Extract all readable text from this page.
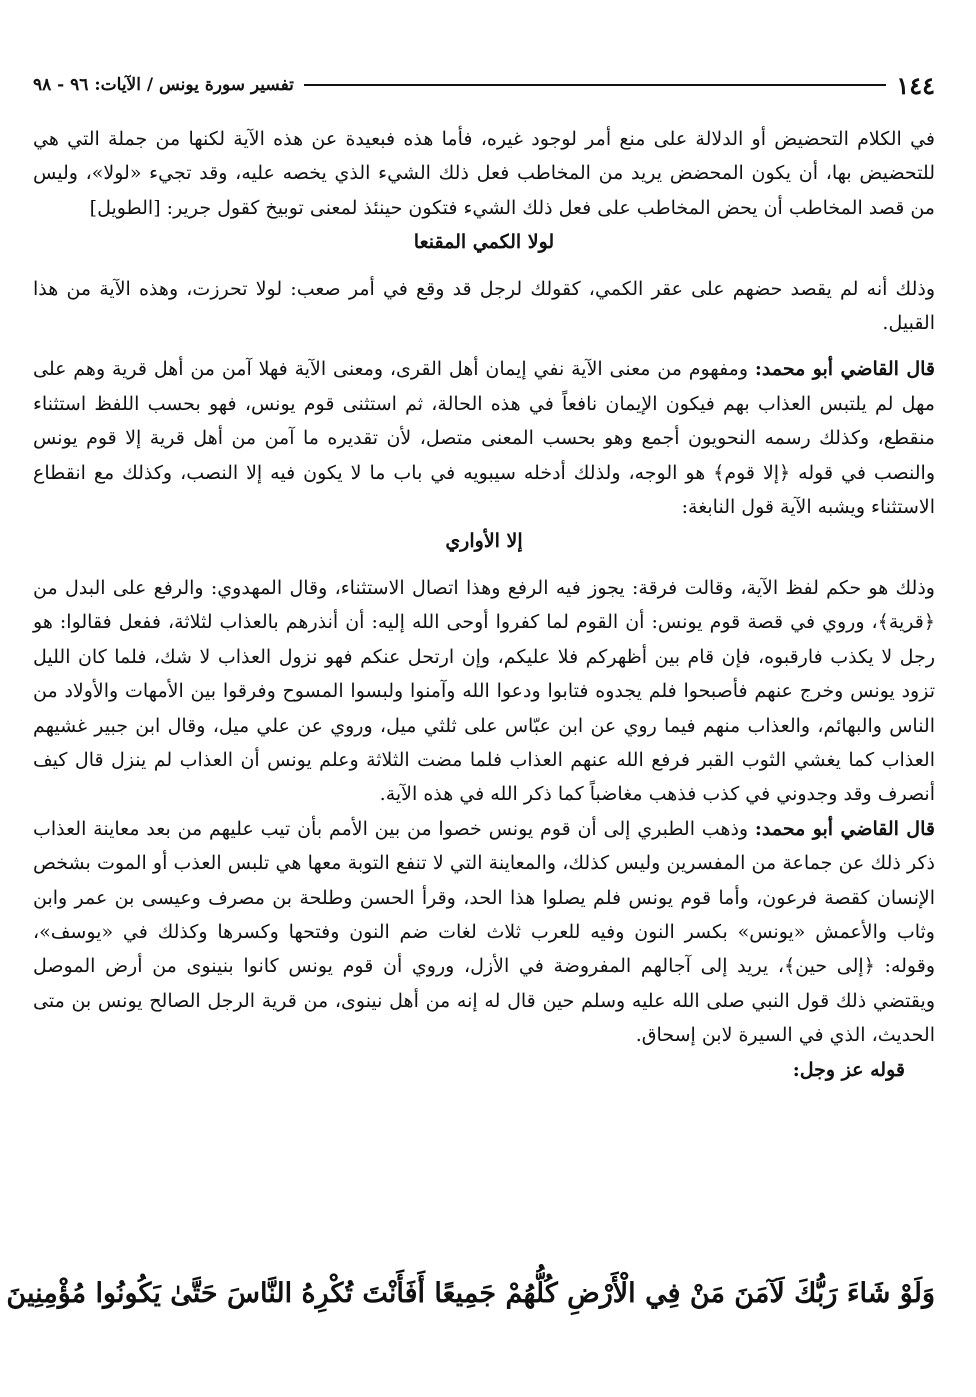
١٤٤
تفسير سورة يونس / الآيات: ٩٦ - ٩٨

في الكلام التحضيض أو الدلالة على منع أمر لوجود غيره، فأما هذه فبعيدة عن هذه الآية لكنها من جملة التي هي للتحضيض بها، أن يكون المحضض يريد من المخاطب فعل ذلك الشيء الذي يخصه عليه، وقد تجيء «لولا»، وليس من قصد المخاطب أن يحض المخاطب على فعل ذلك الشيء فتكون حينئذ لمعنى توبيخ كقول جرير: [الطويل]

لولا الكمي المقنعا

وذلك أنه لم يقصد حضهم على عقر الكمي، كقولك لرجل قد وقع في أمر صعب: لولا تحرزت، وهذه الآية من هذا القبيل.

قال القاضي أبو محمد: ومفهوم من معنى الآية نفي إيمان أهل القرى، ومعنى الآية فهلا آمن من أهل قرية وهم على مهل لم يلتبس العذاب بهم فيكون الإيمان نافعاً في هذه الحالة، ثم استثنى قوم يونس، فهو بحسب اللفظ استثناء منقطع، وكذلك رسمه النحويون أجمع وهو بحسب المعنى متصل، لأن تقديره ما آمن من أهل قرية إلا قوم يونس والنصب في قوله ﴿إلا قوم﴾ هو الوجه، ولذلك أدخله سيبويه في باب ما لا يكون فيه إلا النصب، وكذلك مع انقطاع الاستثناء ويشبه الآية قول النابغة:

إلا الأواري

وذلك هو حكم لفظ الآية، وقالت فرقة: يجوز فيه الرفع وهذا اتصال الاستثناء، وقال المهدوي: والرفع على البدل من ﴿قرية﴾، وروي في قصة قوم يونس: أن القوم لما كفروا أوحى الله إليه: أن أنذرهم بالعذاب لثلاثة، ففعل فقالوا: هو رجل لا يكذب فارقبوه، فإن قام بين أظهركم فلا عليكم، وإن ارتحل عنكم فهو نزول العذاب لا شك، فلما كان الليل تزود يونس وخرج عنهم فأصبحوا فلم يجدوه فتابوا ودعوا الله وآمنوا ولبسوا المسوح وفرقوا بين الأمهات والأولاد من الناس والبهائم، والعذاب منهم فيما روي عن ابن عبّاس على ثلثي ميل، وروي عن علي ميل، وقال ابن جبير غشيهم العذاب كما يغشي الثوب القبر فرفع الله عنهم العذاب فلما مضت الثلاثة وعلم يونس أن العذاب لم ينزل قال كيف أنصرف وقد وجدوني في كذب فذهب مغاضباً كما ذكر الله في هذه الآية.

قال القاضي أبو محمد: وذهب الطبري إلى أن قوم يونس خصوا من بين الأمم بأن تيب عليهم من بعد معاينة العذاب ذكر ذلك عن جماعة من المفسرين وليس كذلك، والمعاينة التي لا تنفع التوبة معها هي تلبس العذب أو الموت بشخص الإنسان كقصة فرعون، وأما قوم يونس فلم يصلوا هذا الحد، وقرأ الحسن وطلحة بن مصرف وعيسى بن عمر وابن وثاب والأعمش «يونس» بكسر النون وفيه للعرب ثلاث لغات ضم النون وفتحها وكسرها وكذلك في «يوسف»، وقوله: ﴿إلى حين﴾، يريد إلى آجالهم المفروضة في الأزل، وروي أن قوم يونس كانوا بنينوى من أرض الموصل ويقتضي ذلك قول النبي صلى الله عليه وسلم حين قال له إنه من أهل نينوى، من قرية الرجل الصالح يونس بن متى الحديث، الذي في السيرة لابن إسحاق.

قوله عز وجل:

وَلَوْ شَاءَ رَبُّكَ لَآمَنَ مَنْ فِي الْأَرْضِ كُلُّهُمْ جَمِيعًا أَفَأَنْتَ تُكْرِهُ النَّاسَ حَتَّىٰ يَكُونُوا مُؤْمِنِينَ
